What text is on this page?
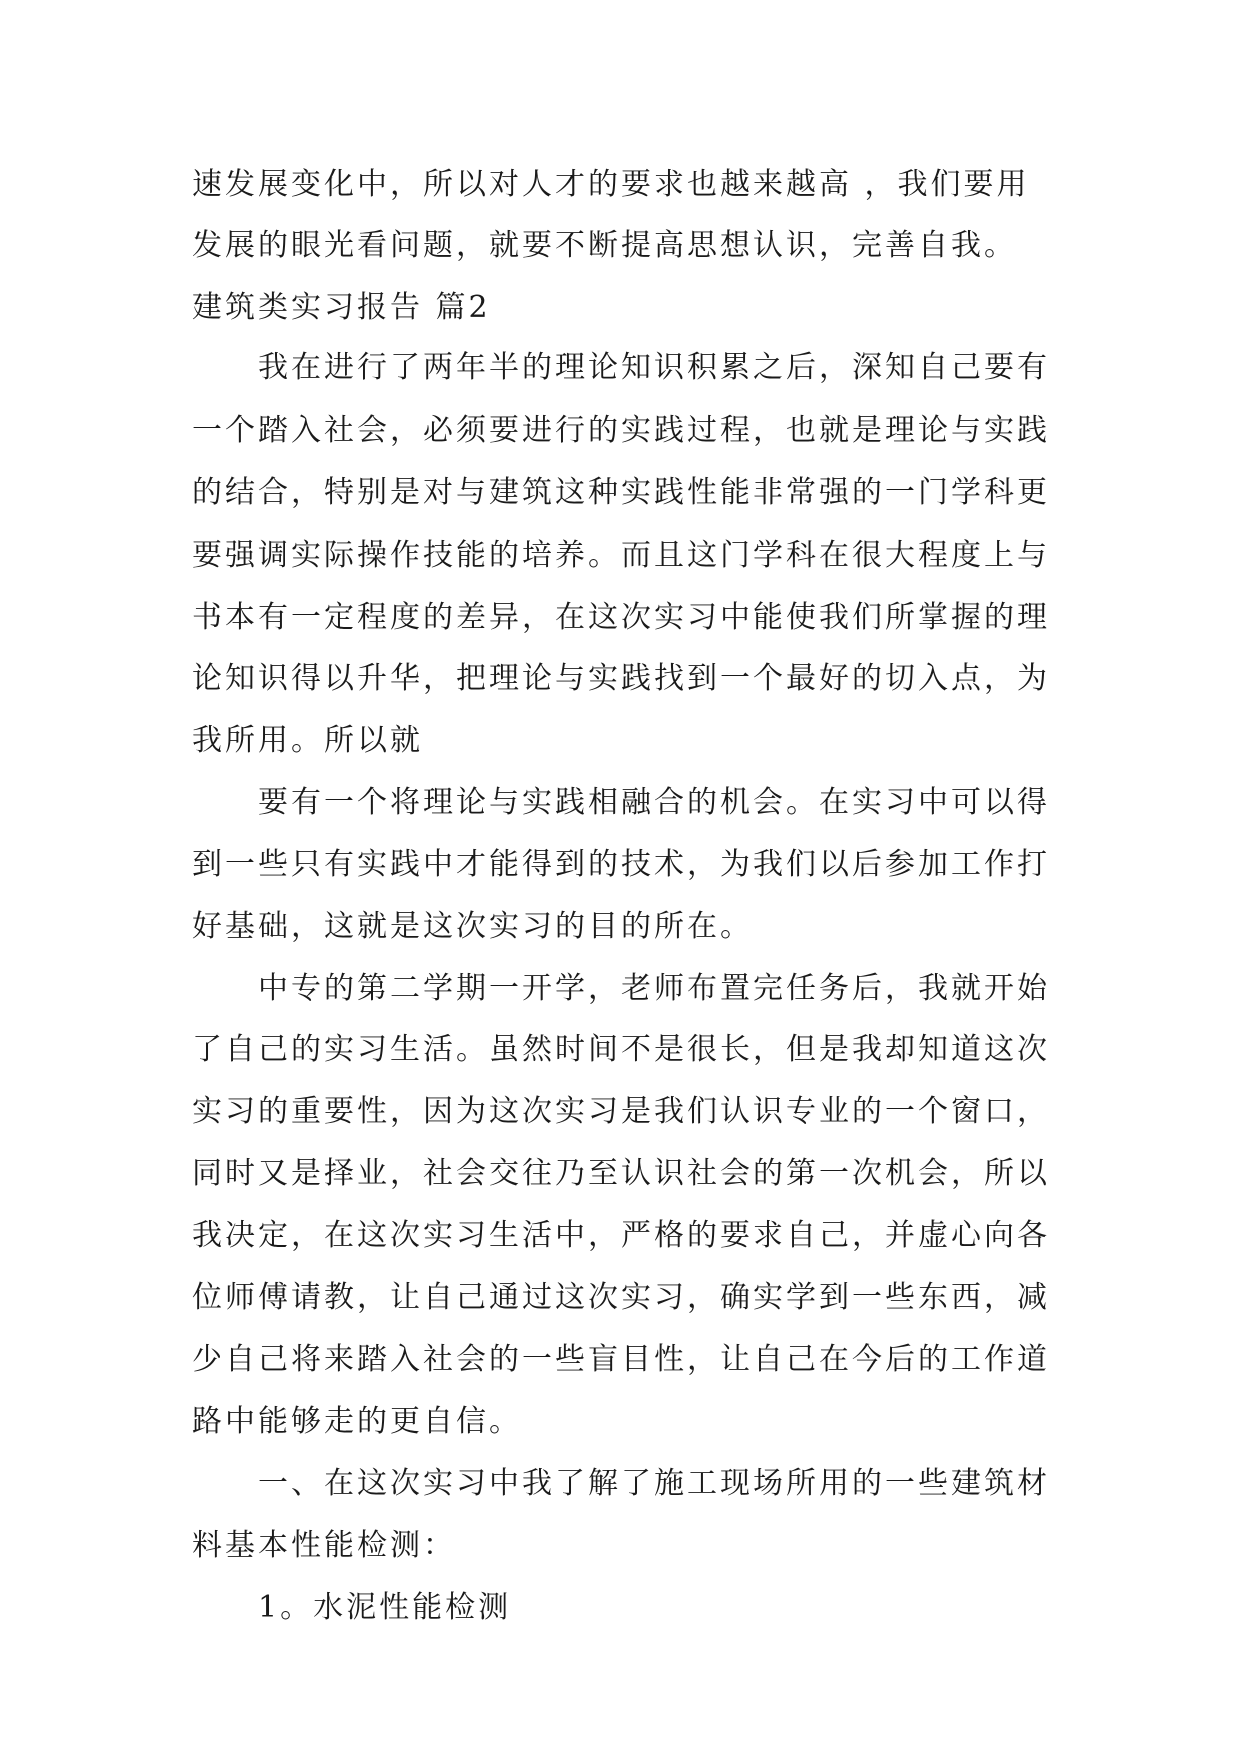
速发展变化中，所以对人才的要求也越来越高 ，我们要用
发展的眼光看问题，就要不断提高思想认识，完善自我。
建筑类实习报告 篇2
我在进行了两年半的理论知识积累之后，深知自己要有
一个踏入社会，必须要进行的实践过程，也就是理论与实践
的结合，特别是对与建筑这种实践性能非常强的一门学科更
要强调实际操作技能的培养。而且这门学科在很大程度上与
书本有一定程度的差异，在这次实习中能使我们所掌握的理
论知识得以升华，把理论与实践找到一个最好的切入点，为
我所用。所以就
要有一个将理论与实践相融合的机会。在实习中可以得
到一些只有实践中才能得到的技术，为我们以后参加工作打
好基础，这就是这次实习的目的所在。
中专的第二学期一开学，老师布置完任务后，我就开始
了自己的实习生活。虽然时间不是很长，但是我却知道这次
实习的重要性，因为这次实习是我们认识专业的一个窗口，
同时又是择业，社会交往乃至认识社会的第一次机会，所以
我决定，在这次实习生活中，严格的要求自己，并虚心向各
位师傅请教，让自己通过这次实习，确实学到一些东西，减
少自己将来踏入社会的一些盲目性，让自己在今后的工作道
路中能够走的更自信。
一、在这次实习中我了解了施工现场所用的一些建筑材
料基本性能检测：
1。水泥性能检测
